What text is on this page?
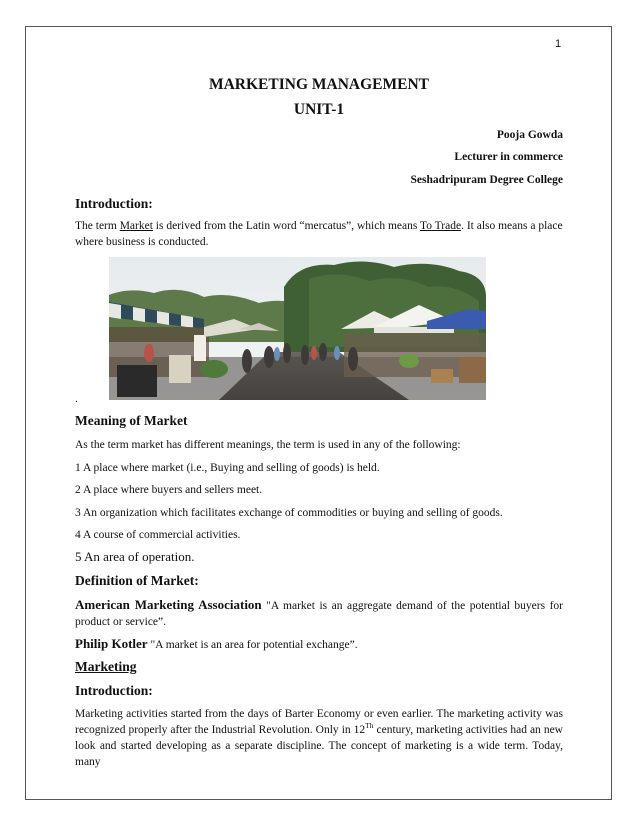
1
MARKETING MANAGEMENT
UNIT-1
Pooja Gowda
Lecturer in commerce
Seshadripuram Degree College
Introduction:
The term Market is derived from the Latin word “mercatus”, which means To Trade. It also means a place where business is conducted.
.
Meaning of Market
As the term market has different meanings, the term is used in any of the following:
1 A place where market (i.e., Buying and selling of goods) is held.
2 A place where buyers and sellers meet.
3 An organization which facilitates exchange of commodities or buying and selling of goods.
4 A course of commercial activities.
5 An area of operation.
Definition of Market:
American Marketing Association "A market is an aggregate demand of the potential buyers for product or service”.
Philip Kotler "A market is an area for potential exchange”.
Marketing
Introduction:
Marketing activities started from the days of Barter Economy or even earlier. The marketing activity was recognized properly after the Industrial Revolution. Only in 12Th century, marketing activities had an new look and started developing as a separate discipline. The concept of marketing is a wide term. Today, many
